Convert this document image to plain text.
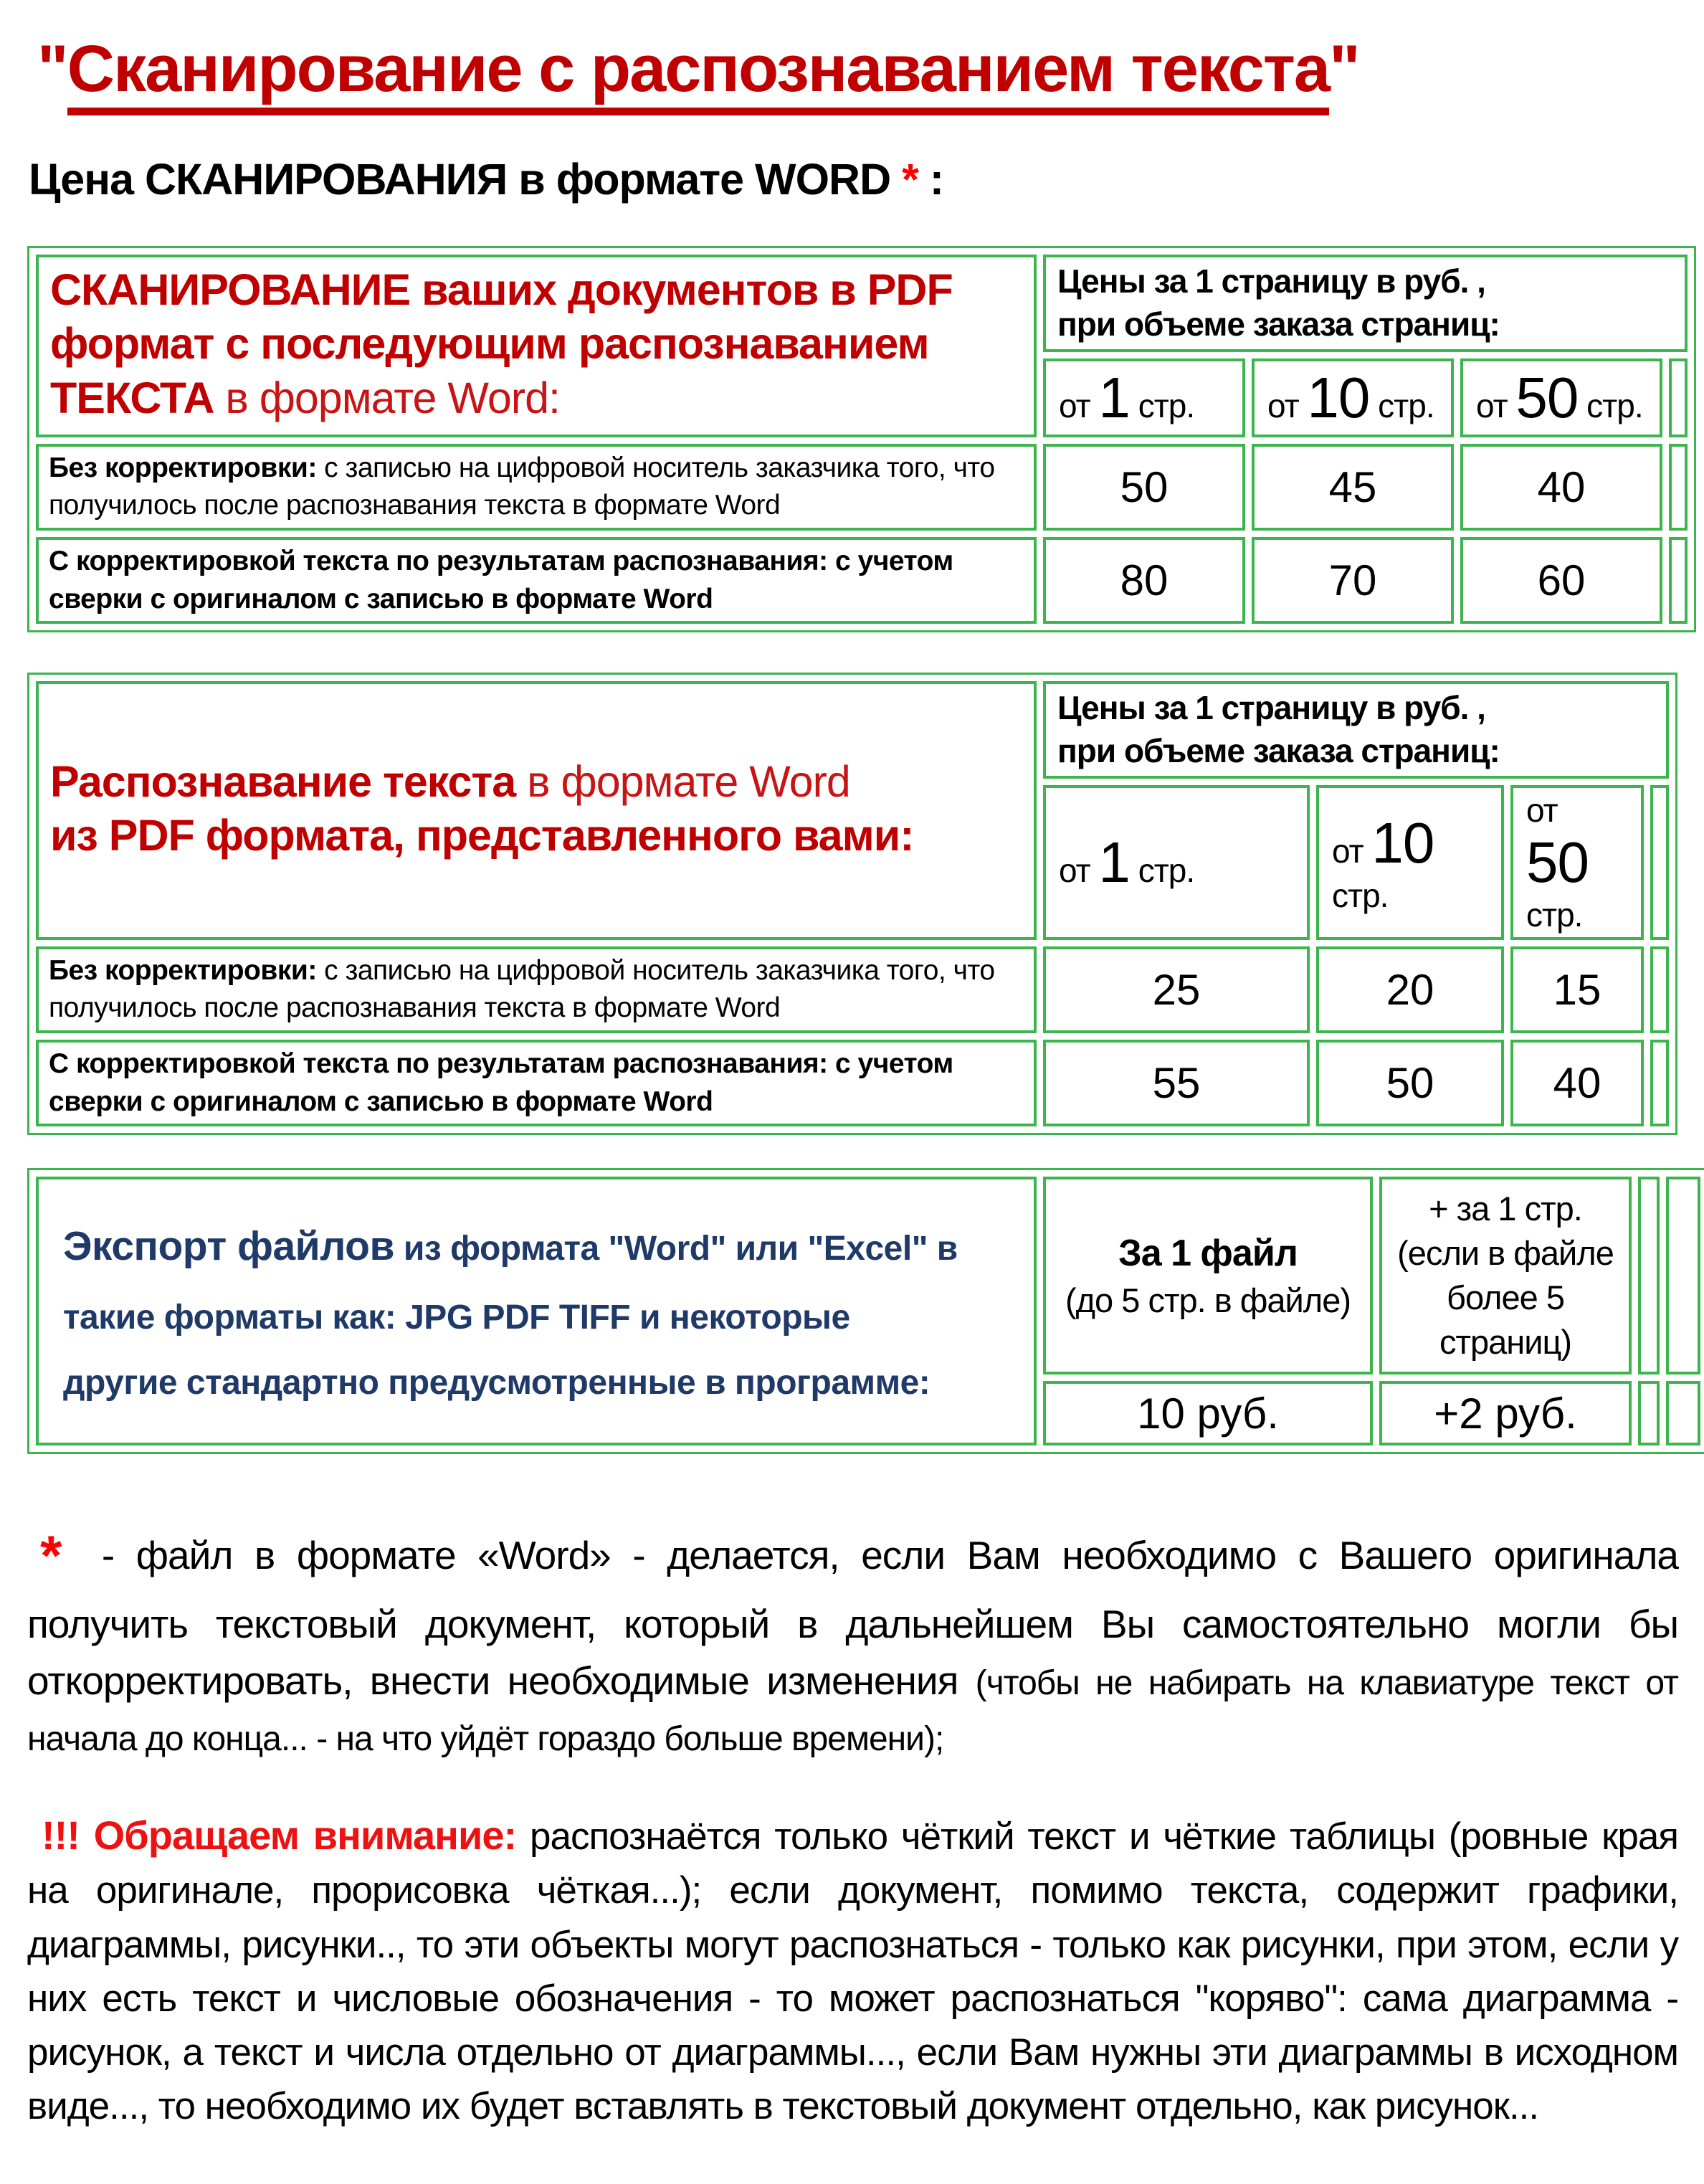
"Сканирование с распознаванием текста"
Цена СКАНИРОВАНИЯ в формате WORD * :
СКАНИРОВАНИЕ ваших документов в PDF формат с последующим распознаванием ТЕКСТА в формате Word:	Цены за 1 страницу в руб. ,
при объеме заказа страниц:			

	от 1 стр.	от 10 стр.	от 50 стр.	
Без корректировки: с записью на цифровой носитель заказчика того, что получилось после распознавания текста в формате Word	50	45	40	
С корректировкой текста по результатам распознавания: с учетом сверки с оригиналом с записью в формате Word	80	70	60	
Распознавание текста в формате Word
из PDF формата, представленного вами:	
Цены за 1 страницу в руб. ,
при объеме заказа страниц:

	от 1 стр.	от 10 стр.	от 50 стр.	
Без корректировки: с записью на цифровой носитель заказчика того, что получилось после распознавания текста в формате Word	25	20	15	
С корректировкой текста по результатам распознавания: с учетом сверки с оригиналом с записью в формате Word	55	50	40	
Экспорт файлов из формата "Word" или "Excel" в
такие форматы как: JPG PDF TIFF и некоторые
другие стандартно предусмотренные в программе:

За 1 файл
(до 5 стр. в файле)

+ за 1 стр.
(если в файле более 5 страниц)

	10 руб.	+2 руб.		

* - файл в формате «Word» - делается, если Вам необходимо с Вашего оригинала получить текстовый документ, который в дальнейшем Вы самостоятельно могли бы откорректировать, внести необходимые изменения (чтобы не набирать на клавиатуре текст от начала до конца... - на что уйдёт гораздо больше времени);

!!! Обращаем внимание: распознаётся только чёткий текст и чёткие таблицы (ровные края на оригинале, прорисовка чёткая...); если документ, помимо текста, содержит графики, диаграммы, рисунки.., то эти объекты могут распознаться - только как рисунки, при этом, если у них есть текст и числовые обозначения - то может распознаться "коряво": сама диаграмма - рисунок, а текст и числа отдельно от диаграммы..., если Вам нужны эти диаграммы в исходном виде..., то необходимо их будет вставлять в текстовый документ отдельно, как рисунок...
